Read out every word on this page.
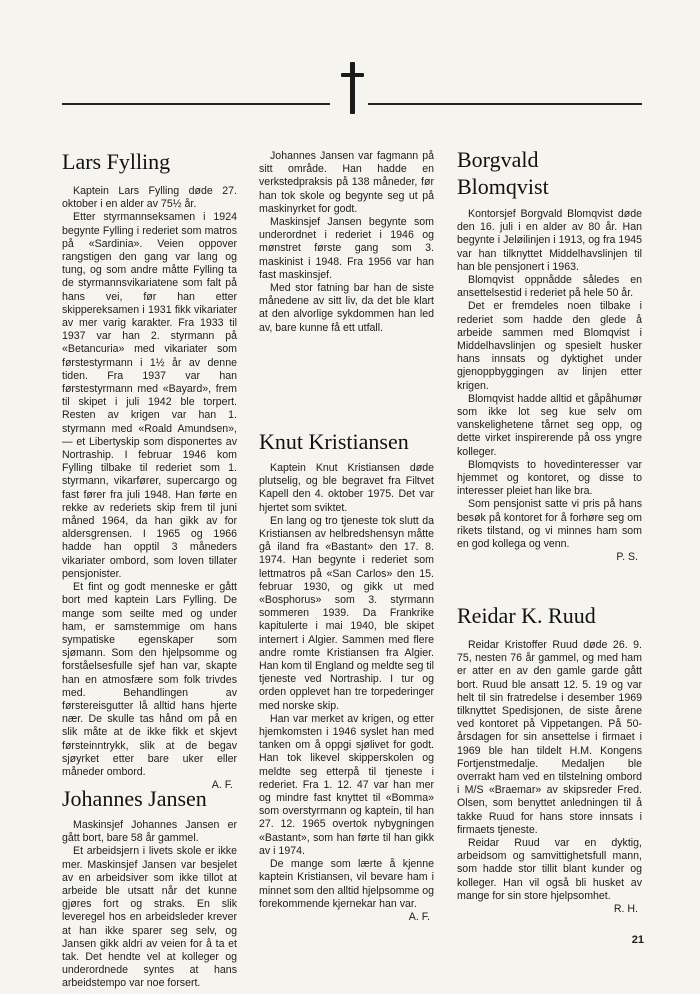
Lars Fylling

Kaptein Lars Fylling døde 27. oktober i en alder av 75½ år.

Etter styrmannseksamen i 1924 begynte Fylling i rederiet som matros på «Sardinia». Veien oppover rangstigen den gang var lang og tung, og som andre måtte Fylling ta de styrmannsvikariatene som falt på hans vei, før han etter skippereksamen i 1931 fikk vikariater av mer varig karakter. Fra 1933 til 1937 var han 2. styrmann på «Betancuria» med vikariater som førstestyrmann i 1½ år av denne tiden. Fra 1937 var han førstestyrmann med «Bayard», frem til skipet i juli 1942 ble torpert. Resten av krigen var han 1. styrmann med «Roald Amundsen», — et Libertyskip som disponertes av Nortraship. I februar 1946 kom Fylling tilbake til rederiet som 1. styrmann, vikarfører, supercargo og fast fører fra juli 1948. Han førte en rekke av rederiets skip frem til juni måned 1964, da han gikk av for aldersgrensen. I 1965 og 1966 hadde han opptil 3 måneders vikariater ombord, som loven tillater pensjonister.

Et fint og godt menneske er gått bort med kaptein Lars Fylling. De mange som seilte med og under ham, er samstemmige om hans sympatiske egenskaper som sjømann. Som den hjelpsomme og forståelsesfulle sjef han var, skapte han en atmosfære som folk trivdes med. Behandlingen av førstereisgutter lå alltid hans hjerte nær. De skulle tas hånd om på en slik måte at de ikke fikk et skjevt førsteinntrykk, slik at de begav sjøyrket etter bare uker eller måneder ombord.

A. F.

Johannes Jansen

Maskinsjef Johannes Jansen er gått bort, bare 58 år gammel.

Et arbeidsjern i livets skole er ikke mer. Maskinsjef Jansen var besjelet av en arbeidsiver som ikke tillot at arbeide ble utsatt når det kunne gjøres fort og straks. En slik leveregel hos en arbeidsleder krever at han ikke sparer seg selv, og Jansen gikk aldri av veien for å ta et tak. Det hendte vel at kolleger og underordnede syntes at hans arbeidstempo var noe forsert.

Johannes Jansen var fagmann på sitt område. Han hadde en verkstedpraksis på 138 måneder, før han tok skole og begynte seg ut på maskinyrket for godt.

Maskinsjef Jansen begynte som underordnet i rederiet i 1946 og mønstret første gang som 3. maskinist i 1948. Fra 1956 var han fast maskinsjef.

Med stor fatning bar han de siste månedene av sitt liv, da det ble klart at den alvorlige sykdommen han led av, bare kunne få ett utfall.

Knut Kristiansen

Kaptein Knut Kristiansen døde plutselig, og ble begravet fra Filtvet Kapell den 4. oktober 1975. Det var hjertet som sviktet.

En lang og tro tjeneste tok slutt da Kristiansen av helbredshensyn måtte gå iland fra «Bastant» den 17. 8. 1974. Han begynte i rederiet som lettmatros på «San Carlos» den 15. februar 1930, og gikk ut med «Bosphorus» som 3. styrmann sommeren 1939. Da Frankrike kapitulerte i mai 1940, ble skipet internert i Algier. Sammen med flere andre romte Kristiansen fra Algier. Han kom til England og meldte seg til tjeneste ved Nortraship. I tur og orden opplevet han tre torpederinger med norske skip.

Han var merket av krigen, og etter hjemkomsten i 1946 syslet han med tanken om å oppgi sjølivet for godt. Han tok likevel skipperskolen og meldte seg etterpå til tjeneste i rederiet. Fra 1. 12. 47 var han mer og mindre fast knyttet til «Bomma» som overstyrmann og kaptein, til han 27. 12. 1965 overtok nybygningen «Bastant», som han førte til han gikk av i 1974.

De mange som lærte å kjenne kaptein Kristiansen, vil bevare ham i minnet som den alltid hjelpsomme og forekommende kjernekar han var.

A. F.

Borgvald Blomqvist

Kontorsjef Borgvald Blomqvist døde den 16. juli i en alder av 80 år. Han begynte i Jeløilinjen i 1913, og fra 1945 var han tilknyttet Middelhavslinjen til han ble pensjonert i 1963.

Blomqvist oppnådde således en ansettelsestid i rederiet på hele 50 år.

Det er fremdeles noen tilbake i rederiet som hadde den glede å arbeide sammen med Blomqvist i Middelhavslinjen og spesielt husker hans innsats og dyktighet under gjenoppbyggingen av linjen etter krigen.

Blomqvist hadde alltid et gåpåhumør som ikke lot seg kue selv om vanskelighetene tårnet seg opp, og dette virket inspirerende på oss yngre kolleger.

Blomqvists to hovedinteresser var hjemmet og kontoret, og disse to interesser pleiet han like bra.

Som pensjonist satte vi pris på hans besøk på kontoret for å forhøre seg om rikets tilstand, og vi minnes ham som en god kollega og venn.

P. S.

Reidar K. Ruud

Reidar Kristoffer Ruud døde 26. 9. 75, nesten 76 år gammel, og med ham er atter en av den gamle garde gått bort. Ruud ble ansatt 12. 5. 19 og var helt til sin fratredelse i desember 1969 tilknyttet Spedisjonen, de siste årene ved kontoret på Vippetangen. På 50-årsdagen for sin ansettelse i firmaet i 1969 ble han tildelt H.M. Kongens Fortjenstmedalje. Medaljen ble overrakt ham ved en tilstelning ombord i M/S «Braemar» av skipsreder Fred. Olsen, som benyttet anledningen til å takke Ruud for hans store innsats i firmaets tjeneste.

Reidar Ruud var en dyktig, arbeidsom og samvittighetsfull mann, som hadde stor tillit blant kunder og kolleger. Han vil også bli husket av mange for sin store hjelpsomhet.

R. H.

21
